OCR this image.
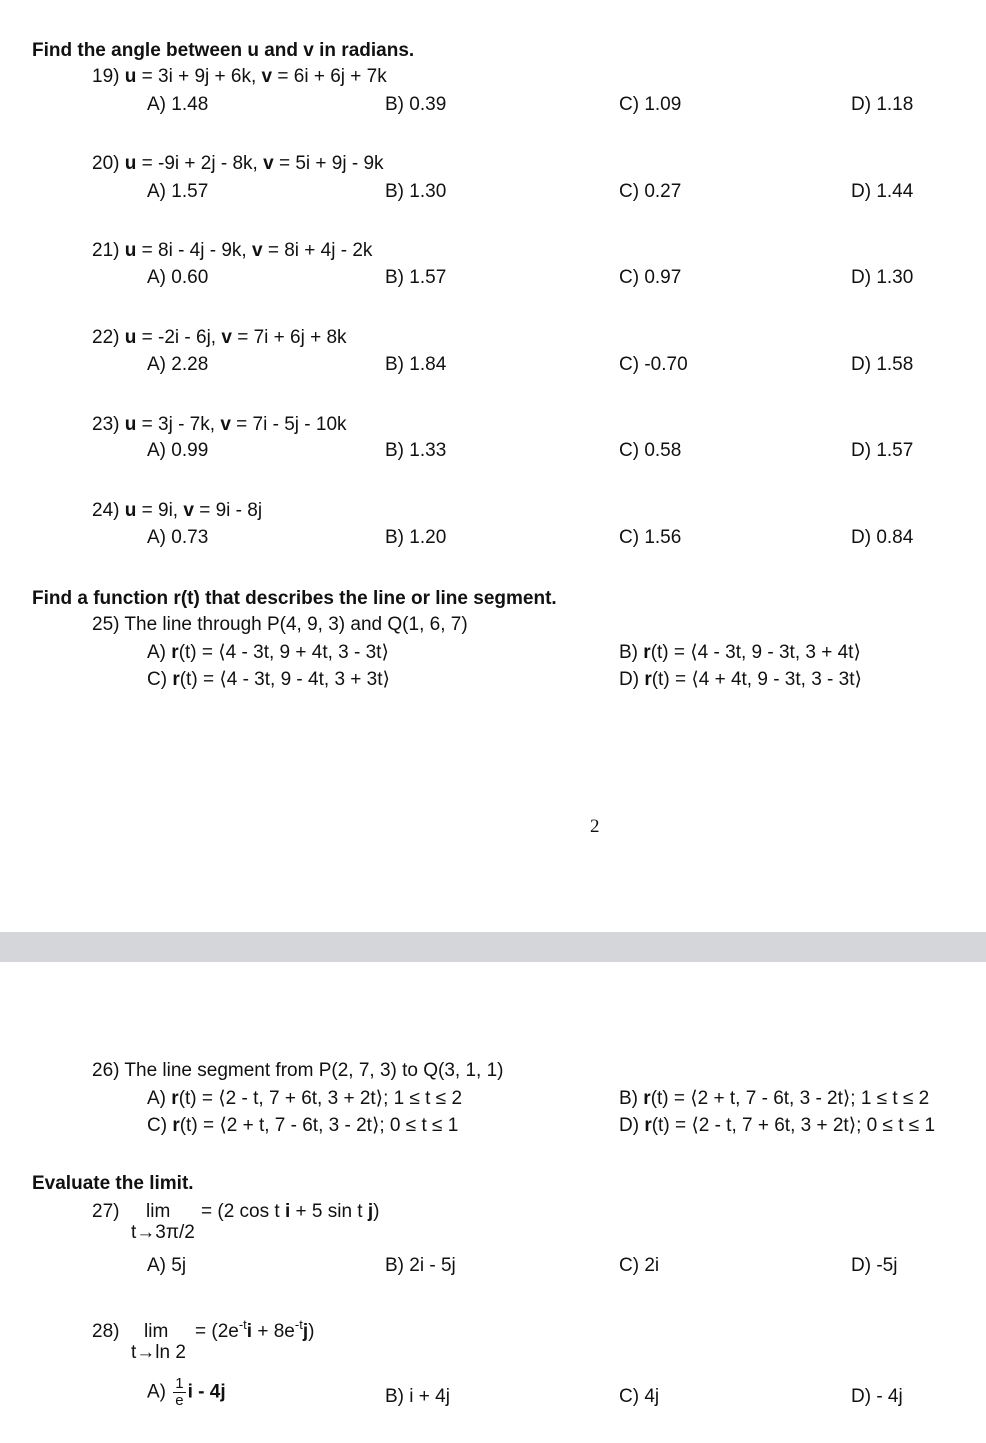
Find the angle between u and v in radians.
19) u = 3i + 9j + 6k, v = 6i + 6j + 7k
A) 1.48	B) 0.39	C) 1.09	D) 1.18
20) u = -9i + 2j - 8k, v = 5i + 9j - 9k
A) 1.57	B) 1.30	C) 0.27	D) 1.44
21) u = 8i - 4j - 9k, v = 8i + 4j - 2k
A) 0.60	B) 1.57	C) 0.97	D) 1.30
22) u = -2i - 6j, v = 7i + 6j + 8k
A) 2.28	B) 1.84	C) -0.70	D) 1.58
23) u = 3j - 7k, v = 7i - 5j - 10k
A) 0.99	B) 1.33	C) 0.58	D) 1.57
24) u = 9i, v = 9i - 8j
A) 0.73	B) 1.20	C) 1.56	D) 0.84
Find a function r(t) that describes the line or line segment.
25) The line through P(4, 9, 3) and Q(1, 6, 7)
A) r(t) = ⟨4 - 3t, 9 + 4t, 3 - 3t⟩	B) r(t) = ⟨4 - 3t, 9 - 3t, 3 + 4t⟩
C) r(t) = ⟨4 - 3t, 9 - 4t, 3 + 3t⟩	D) r(t) = ⟨4 + 4t, 9 - 3t, 3 - 3t⟩
2
26) The line segment from P(2, 7, 3) to Q(3, 1, 1)
A) r(t) = ⟨2 - t, 7 + 6t, 3 + 2t⟩; 1 ≤ t ≤ 2	B) r(t) = ⟨2 + t, 7 - 6t, 3 - 2t⟩; 1 ≤ t ≤ 2
C) r(t) = ⟨2 + t, 7 - 6t, 3 - 2t⟩; 0 ≤ t ≤ 1	D) r(t) = ⟨2 - t, 7 + 6t, 3 + 2t⟩; 0 ≤ t ≤ 1
Evaluate the limit.
27) lim
t→3π/2
= (2 cos t i + 5 sin t j)
A) 5j	B) 2i - 5j	C) 2i	D) -5j
28) lim
t→ln 2
= $(2e^{-t}i + 8e^{-t}j)$
$A) \frac{1}{e}$ i - 4j	B) i + 4j	C) 4j	D) - 4j
